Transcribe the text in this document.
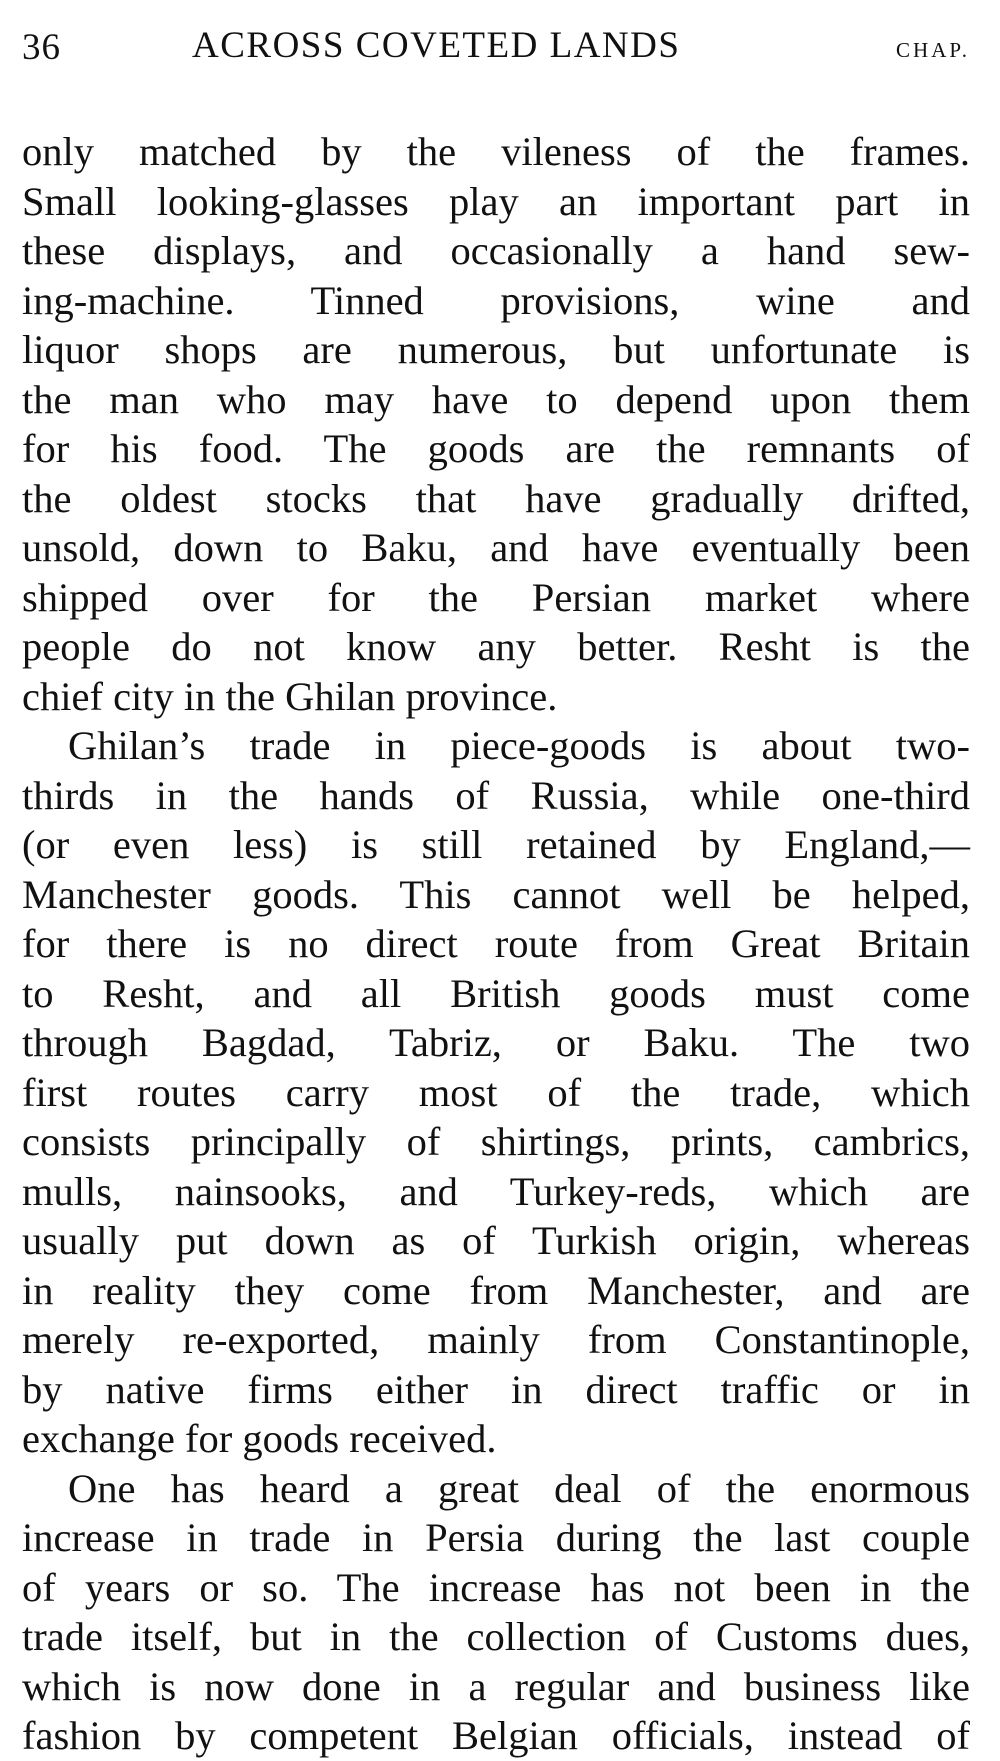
36	ACROSS COVETED LANDS	CHAP.
only matched by the vileness of the frames.
Small looking-glasses play an important part in
these displays, and occasionally a hand sew-
ing-machine. Tinned provisions, wine and
liquor shops are numerous, but unfortunate is
the man who may have to depend upon them
for his food. The goods are the remnants of
the oldest stocks that have gradually drifted,
unsold, down to Baku, and have eventually been
shipped over for the Persian market where
people do not know any better. Resht is the
chief city in the Ghilan province.
Ghilan’s trade in piece-goods is about two-
thirds in the hands of Russia, while one-third
(or even less) is still retained by England,—
Manchester goods. This cannot well be helped,
for there is no direct route from Great Britain
to Resht, and all British goods must come
through Bagdad, Tabriz, or Baku. The two
first routes carry most of the trade, which
consists principally of shirtings, prints, cambrics,
mulls, nainsooks, and Turkey-reds, which are
usually put down as of Turkish origin, whereas
in reality they come from Manchester, and are
merely re-exported, mainly from Constantinople,
by native firms either in direct traffic or in
exchange for goods received.
One has heard a great deal of the enormous
increase in trade in Persia during the last couple
of years or so. The increase has not been in the
trade itself, but in the collection of Customs dues,
which is now done in a regular and business like
fashion by competent Belgian officials, instead of
